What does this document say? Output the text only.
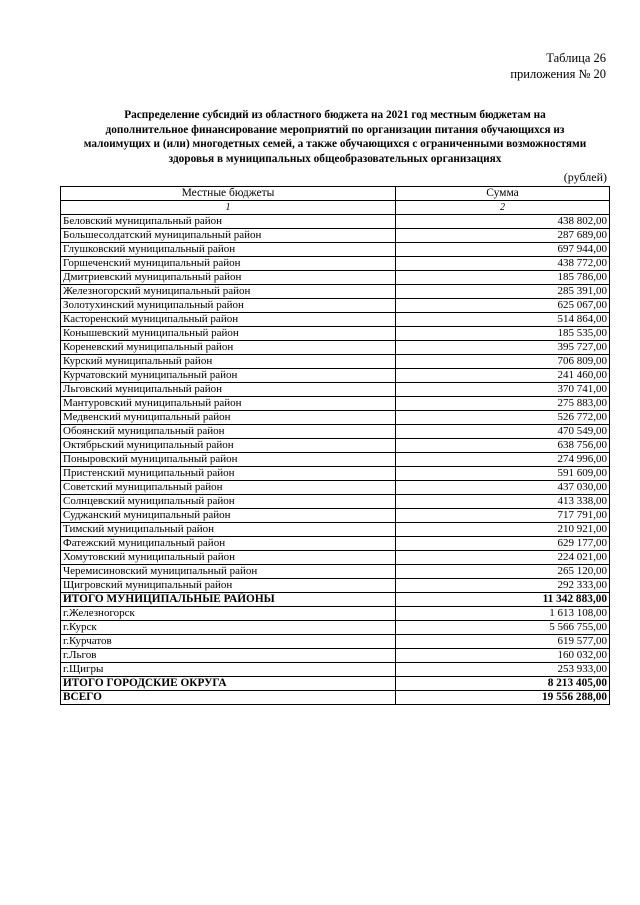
Таблица 26
приложения № 20
Распределение субсидий из областного бюджета на 2021 год местным бюджетам на
дополнительное финансирование мероприятий по организации питания обучающихся из
малоимущих и (или) многодетных семей, а также обучающихся с ограниченными возможностями
здоровья в муниципальных общеобразовательных организациях
(рублей)
Местные бюджеты	Сумма
1	2
Беловский муниципальный район	438 802,00
Большесолдатский муниципальный район	287 689,00
Глушковский муниципальный район	697 944,00
Горшеченский муниципальный район	438 772,00
Дмитриевский муниципальный район	185 786,00
Железногорский муниципальный район	285 391,00
Золотухинский муниципальный район	625 067,00
Касторенский муниципальный район	514 864,00
Конышевский муниципальный район	185 535,00
Кореневский муниципальный район	395 727,00
Курский муниципальный район	706 809,00
Курчатовский муниципальный район	241 460,00
Льговский муниципальный район	370 741,00
Мантуровский муниципальный район	275 883,00
Медвенский муниципальный район	526 772,00
Обоянский муниципальный район	470 549,00
Октябрьский муниципальный район	638 756,00
Поныровский муниципальный район	274 996,00
Пристенский муниципальный район	591 609,00
Советский муниципальный район	437 030,00
Солнцевский муниципальный район	413 338,00
Суджанский муниципальный район	717 791,00
Тимский муниципальный район	210 921,00
Фатежский муниципальный район	629 177,00
Хомутовский муниципальный район	224 021,00
Черемисиновский муниципальный район	265 120,00
Щигровский муниципальный район	292 333,00
ИТОГО МУНИЦИПАЛЬНЫЕ РАЙОНЫ	11 342 883,00
г.Железногорск	1 613 108,00
г.Курск	5 566 755,00
г.Курчатов	619 577,00
г.Льгов	160 032,00
г.Щигры	253 933,00
ИТОГО ГОРОДСКИЕ ОКРУГА	8 213 405,00
ВСЕГО	19 556 288,00
